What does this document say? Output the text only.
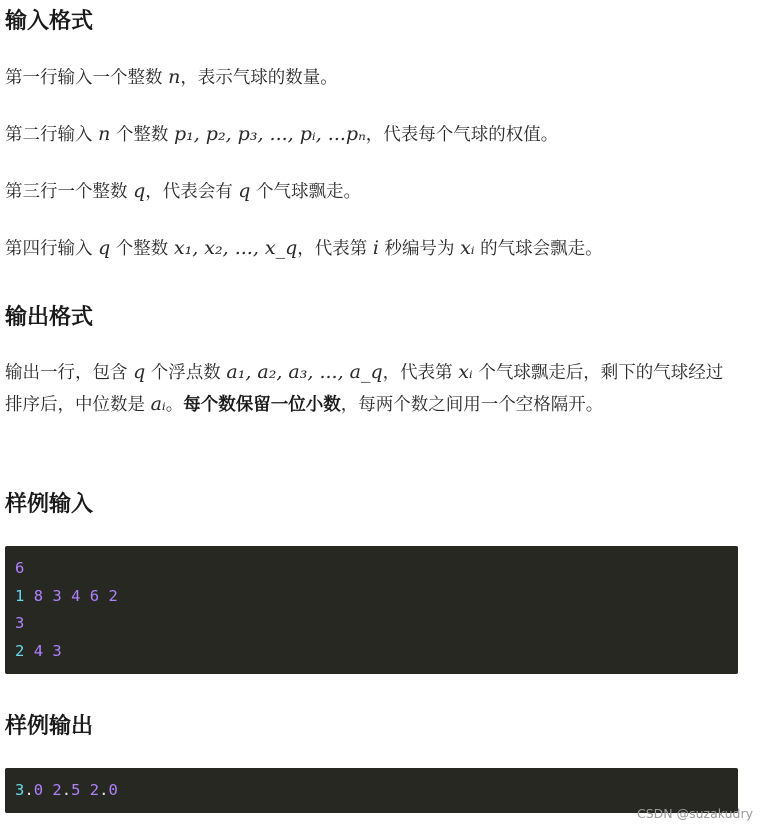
输入格式

第一行输入一个整数 n，表示气球的数量。

第二行输入 n 个整数 p₁, p₂, p₃, ..., pᵢ, ...pₙ，代表每个气球的权值。

第三行一个整数 q，代表会有 q 个气球飘走。

第四行输入 q 个整数 x₁, x₂, ..., x_q，代表第 i 秒编号为 xᵢ 的气球会飘走。

输出格式

输出一行，包含 q 个浮点数 a₁, a₂, a₃, ..., a_q，代表第 xᵢ 个气球飘走后，剩下的气球经过排序后，中位数是 aᵢ。每个数保留一位小数，每两个数之间用一个空格隔开。

样例输入
6
1 8 3 4 6 2
3
2 4 3
样例输出
3.0 2.5 2.0
CSDN @suzakudry
